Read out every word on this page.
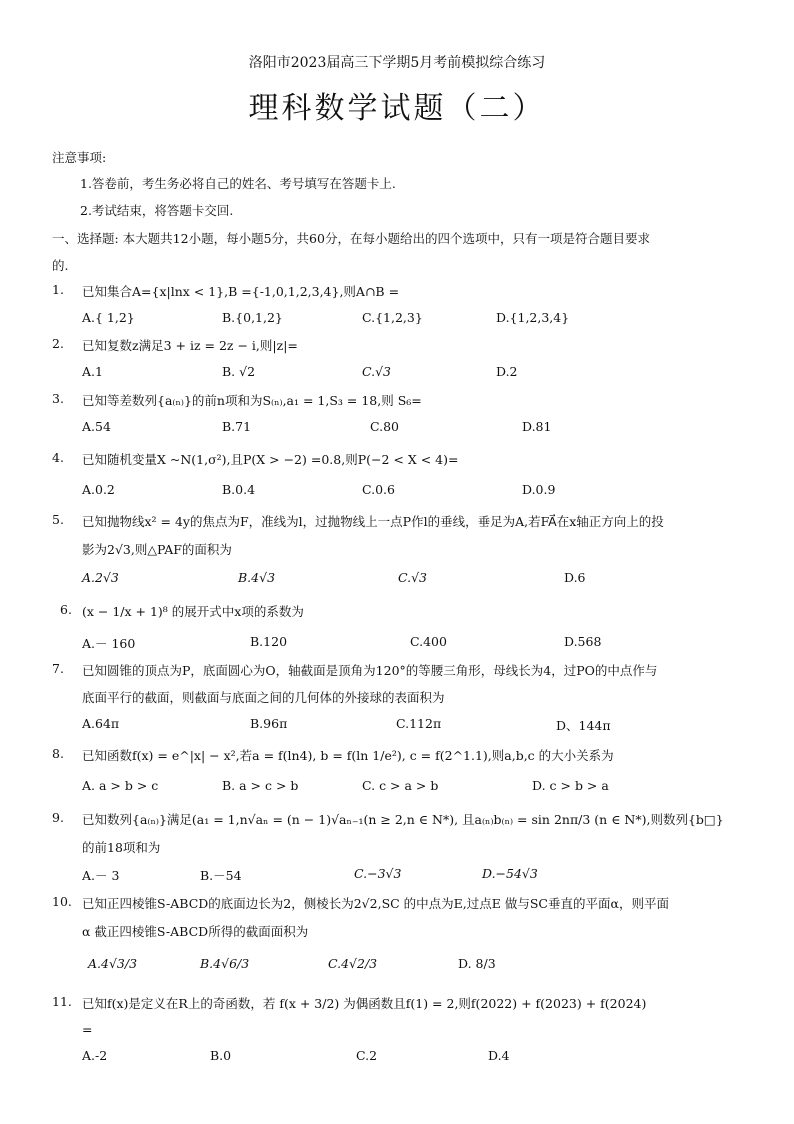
洛阳市2023届高三下学期5月考前模拟综合练习
理科数学试题（二）
注意事项:
1.答卷前，考生务必将自己的姓名、考号填写在答题卡上.
2.考试结束，将答题卡交回.
一、选择题: 本大题共12小题，每小题5分，共60分，在每小题给出的四个选项中，只有一项是符合题目要求
的.
1. 已知集合A={x|lnx < 1},B ={-1,0,1,2,3,4},则A∩B =
A.{ 1,2}	B.{0,1,2}	C.{1,2,3}	D.{1,2,3,4}
2. 已知复数z满足3 + iz = 2z − i,则|z|=
A.1	B. √2	C.√3	D.2
3. 已知等差数列{a₍ₙ₎}的前n项和为S₍ₙ₎,a₁ = 1,S₃ = 18,则 S₆=
A.54	B.71	C.80	D.81
4. 已知随机变量X ~N(1,σ²),且P(X > −2) =0.8,则P(−2 < X < 4)=
A.0.2	B.0.4	C.0.6	D.0.9
5. 已知抛物线x² = 4y的焦点为F，准线为l，过抛物线上一点P作l的垂线，垂足为A,若FA⃗在x轴正方向上的投
影为2√3,则△PAF的面积为
A.2√3	B.4√3	C.√3	D.6
6. (x − 1/x + 1)⁸ 的展开式中x项的系数为
A.－ 160	B.120	C.400	D.568
7. 已知圆锥的顶点为P，底面圆心为O，轴截面是顶角为120°的等腰三角形，母线长为4，过PO的中点作与
底面平行的截面，则截面与底面之间的几何体的外接球的表面积为
A.64π	B.96π	C.112π	D、144π
8. 已知函数f(x) = e^|x| − x²,若a = f(ln4), b = f(ln 1/e²), c = f(2^1.1),则a,b,c 的大小关系为
A. a > b > c	B. a > c > b	C. c > a > b	D. c > b > a
9. 已知数列{a₍ₙ₎}满足(a₁ = 1,n√aₙ = (n − 1)√aₙ₋₁(n ≥ 2,n ∈ N*), 且a₍ₙ₎b₍ₙ₎ = sin 2nπ/3 (n ∈ N*),则数列{b□}
的前18项和为
A.－ 3	B.－54	C.−3√3	D.−54√3
10. 已知正四棱锥S-ABCD的底面边长为2，侧棱长为2√2,SC 的中点为E,过点E 做与SC垂直的平面α，则平面
α 截正四棱锥S-ABCD所得的截面面积为
A.4√3/3	B.4√6/3	C.4√2/3	D. 8/3
11. 已知f(x)是定义在R上的奇函数，若 f(x + 3/2) 为偶函数且f(1) = 2,则f(2022) + f(2023) + f(2024)
=
A.-2	B.0	C.2	D.4
